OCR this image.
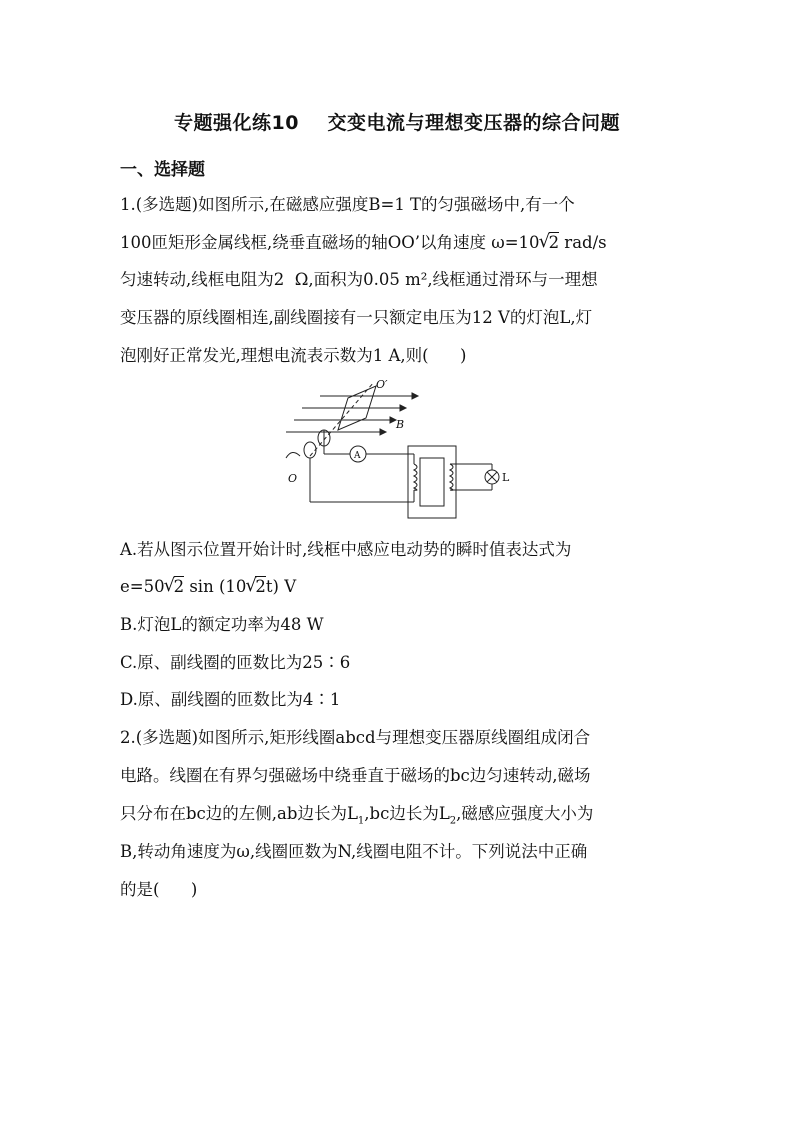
专题强化练10    交变电流与理想变压器的综合问题
一、选择题
1.(多选题)如图所示,在磁感应强度B=1 T的匀强磁场中,有一个
100匝矩形金属线框,绕垂直磁场的轴OO’以角速度 ω=10 √ 2 rad/s
匀速转动,线框电阻为2  Ω,面积为0.05 m²,线框通过滑环与一理想
变压器的原线圈相连,副线圈接有一只额定电压为12 V的灯泡L,灯
泡刚好正常发光,理想电流表示数为1 A,则(      )
O′
B
O
A
L
A.若从图示位置开始计时,线框中感应电动势的瞬时值表达式为
e=50 √ 2 sin (10 √ 2t) V
B.灯泡L的额定功率为48 W
C.原、副线圈的匝数比为25∶6
D.原、副线圈的匝数比为4∶1
2.(多选题)如图所示,矩形线圈abcd与理想变压器原线圈组成闭合
电路。线圈在有界匀强磁场中绕垂直于磁场的bc边匀速转动,磁场
只分布在bc边的左侧,ab边长为$L_1,bc$边长为$L_2$,磁感应强度大小为
B,转动角速度为ω,线圈匝数为N,线圈电阻不计。下列说法中正确
的是(      )
